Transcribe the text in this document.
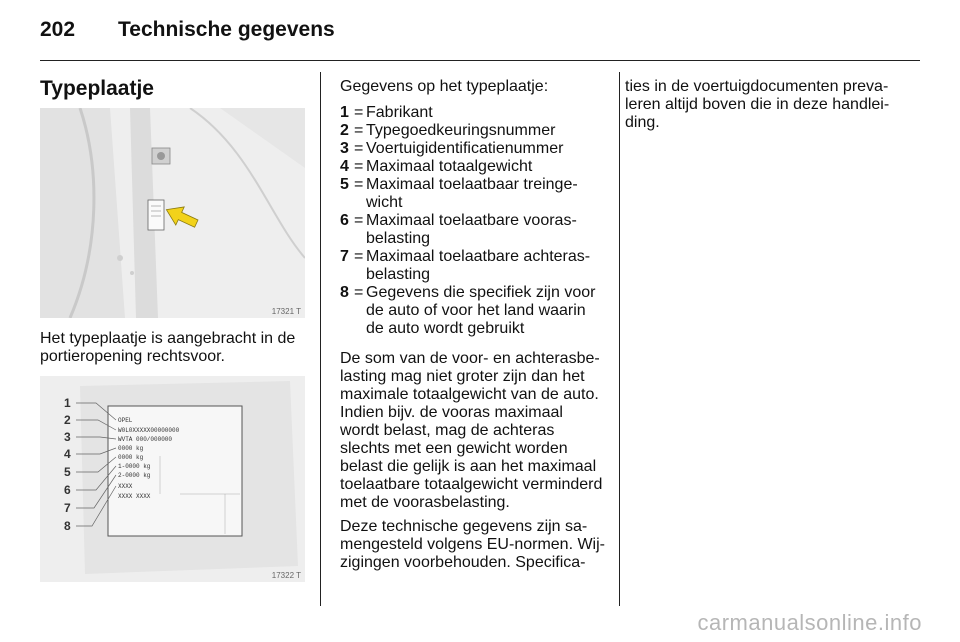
202 Technische gegevens
Typeplaatje
17321 T
Het typeplaatje is aangebracht in de portieropening rechtsvoor.
1
2
3
4
5
6
7
8
OPEL
W0L0XXXXX00000000
WVTA 000/000000
0000 kg
0000 kg
1-0000 kg
2-0000 kg
XXXX
XXXX XXXX
17322 T
Gegevens op het typeplaatje:
1 = Fabrikant
2 = Typegoedkeuringsnummer
3 = Voertuigidentificatienummer
4 = Maximaal totaalgewicht
5 = Maximaal toelaatbaar treingewicht
6 = Maximaal toelaatbare voorasbelasting
7 = Maximaal toelaatbare achterasbelasting
8 = Gegevens die specifiek zijn voor de auto of voor het land waarin de auto wordt gebruikt

De som van de voor- en achterasbelasting mag niet groter zijn dan het maximale totaalgewicht van de auto. Indien bijv. de vooras maximaal wordt belast, mag de achteras slechts met een gewicht worden belast die gelijk is aan het maximaal toelaatbare totaalgewicht verminderd met de voorasbelasting.

Deze technische gegevens zijn samengesteld volgens EU-normen. Wijzigingen voorbehouden. Specifica-

ties in de voertuigdocumenten prevaleren altijd boven die in deze handleiding.
carmanualsonline.info
